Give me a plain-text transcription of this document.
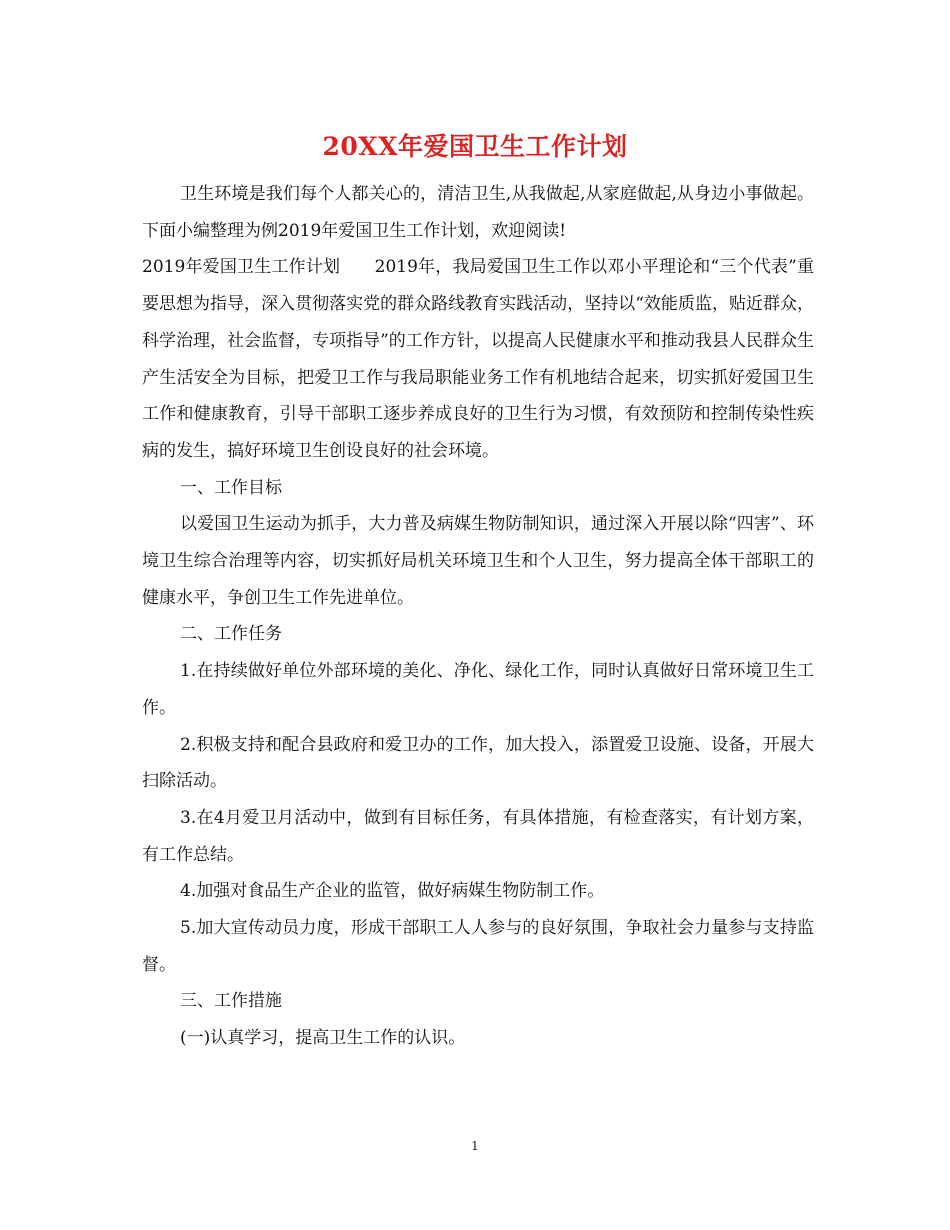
20XX年爱国卫生工作计划

卫生环境是我们每个人都关心的，清洁卫生,从我做起,从家庭做起,从身边小事做起。下面小编整理为例2019年爱国卫生工作计划，欢迎阅读!

2019年爱国卫生工作计划　　2019年，我局爱国卫生工作以邓小平理论和“三个代表”重要思想为指导，深入贯彻落实党的群众路线教育实践活动，坚持以“效能质监，贴近群众，科学治理，社会监督，专项指导”的工作方针，以提高人民健康水平和推动我县人民群众生产生活安全为目标，把爱卫工作与我局职能业务工作有机地结合起来，切实抓好爱国卫生工作和健康教育，引导干部职工逐步养成良好的卫生行为习惯，有效预防和控制传染性疾病的发生，搞好环境卫生创设良好的社会环境。

一、工作目标

以爱国卫生运动为抓手，大力普及病媒生物防制知识，通过深入开展以除“四害”、环境卫生综合治理等内容，切实抓好局机关环境卫生和个人卫生，努力提高全体干部职工的健康水平，争创卫生工作先进单位。

二、工作任务

1.在持续做好单位外部环境的美化、净化、绿化工作，同时认真做好日常环境卫生工作。

2.积极支持和配合县政府和爱卫办的工作，加大投入，添置爱卫设施、设备，开展大扫除活动。

3.在4月爱卫月活动中，做到有目标任务，有具体措施，有检查落实，有计划方案，有工作总结。

4.加强对食品生产企业的监管，做好病媒生物防制工作。

5.加大宣传动员力度，形成干部职工人人参与的良好氛围，争取社会力量参与支持监督。

三、工作措施

(一)认真学习，提高卫生工作的认识。

1
